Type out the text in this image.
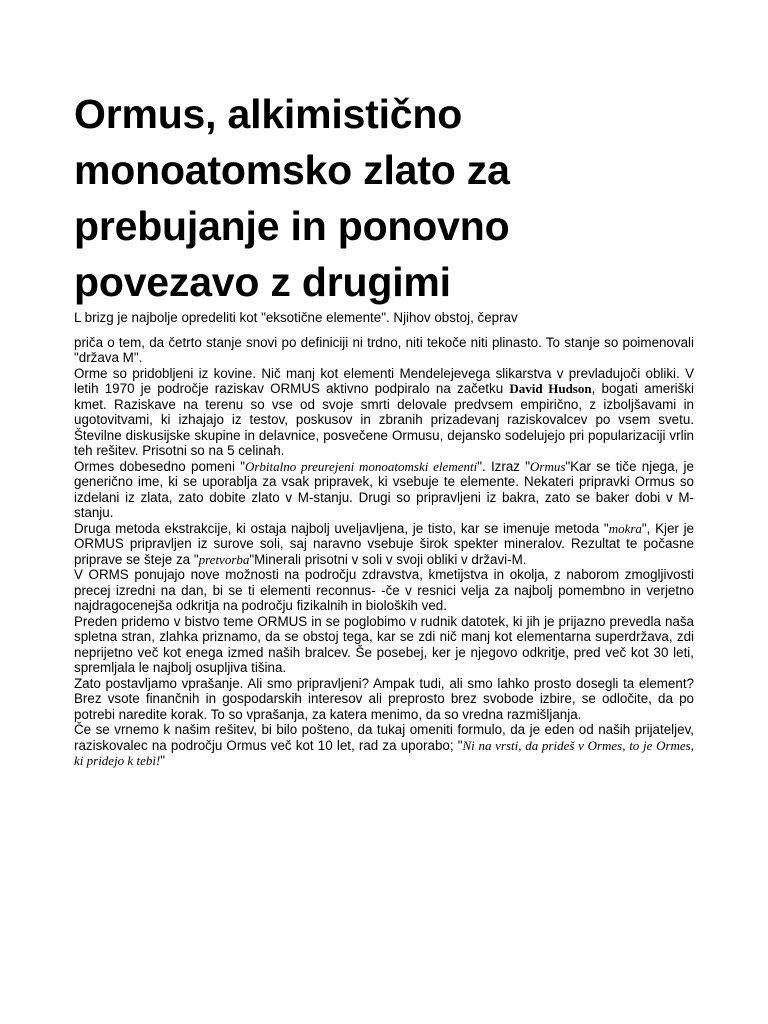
Ormus, alkimistično monoatomsko zlato za prebujanje in ponovno povezavo z drugimi

L brizg je najbolje opredeliti kot "eksotične elemente". Njihov obstoj, čeprav

priča o tem, da četrto stanje snovi po definiciji ni trdno, niti tekoče niti plinasto. To stanje so poimenovali "država M".

Orme so pridobljeni iz kovine. Nič manj kot elementi Mendelejevega slikarstva v prevladujoči obliki. V letih 1970 je področje raziskav ORMUS aktivno podpiralo na začetku David Hudson, bogati ameriški kmet. Raziskave na terenu so vse od svoje smrti delovale predvsem empirično, z izboljšavami in ugotovitvami, ki izhajajo iz testov, poskusov in zbranih prizadevanj raziskovalcev po vsem svetu. Številne diskusijske skupine in delavnice, posvečene Ormusu, dejansko sodelujejo pri popularizaciji vrlin teh rešitev. Prisotni so na 5 celinah.

Ormes dobesedno pomeni "Orbitalno preurejeni monoatomski elementi". Izraz "Ormus"Kar se tiče njega, je generično ime, ki se uporablja za vsak pripravek, ki vsebuje te elemente. Nekateri pripravki Ormus so izdelani iz zlata, zato dobite zlato v M-stanju. Drugi so pripravljeni iz bakra, zato se baker dobi v M-stanju.

Druga metoda ekstrakcije, ki ostaja najbolj uveljavljena, je tisto, kar se imenuje metoda "mokra", Kjer je ORMUS pripravljen iz surove soli, saj naravno vsebuje širok spekter mineralov. Rezultat te počasne priprave se šteje za "pretvorba"Minerali prisotni v soli v svoji obliki v državi-M.

V ORMS ponujajo nove možnosti na področju zdravstva, kmetijstva in okolja, z naborom zmogljivosti precej izredni na dan, bi se ti elementi reconnus- -če v resnici velja za najbolj pomembno in verjetno najdragocenejša odkritja na področju fizikalnih in bioloških ved.

Preden pridemo v bistvo teme ORMUS in se poglobimo v rudnik datotek, ki jih je prijazno prevedla naša spletna stran, zlahka priznamo, da se obstoj tega, kar se zdi nič manj kot elementarna superdržava, zdi neprijetno več kot enega izmed naših bralcev. Še posebej, ker je njegovo odkritje, pred več kot 30 leti, spremljala le najbolj osupljiva tišina.

Zato postavljamo vprašanje. Ali smo pripravljeni? Ampak tudi, ali smo lahko prosto dosegli ta element? Brez vsote finančnih in gospodarskih interesov ali preprosto brez svobode izbire, se odločite, da po potrebi naredite korak. To so vprašanja, za katera menimo, da so vredna razmišljanja.

Če se vrnemo k našim rešitev, bi bilo pošteno, da tukaj omeniti formulo, da je eden od naših prijateljev, raziskovalec na področju Ormus več kot 10 let, rad za uporabo; "Ni na vrsti, da prideš v Ormes, to je Ormes, ki pridejo k tebi!"
